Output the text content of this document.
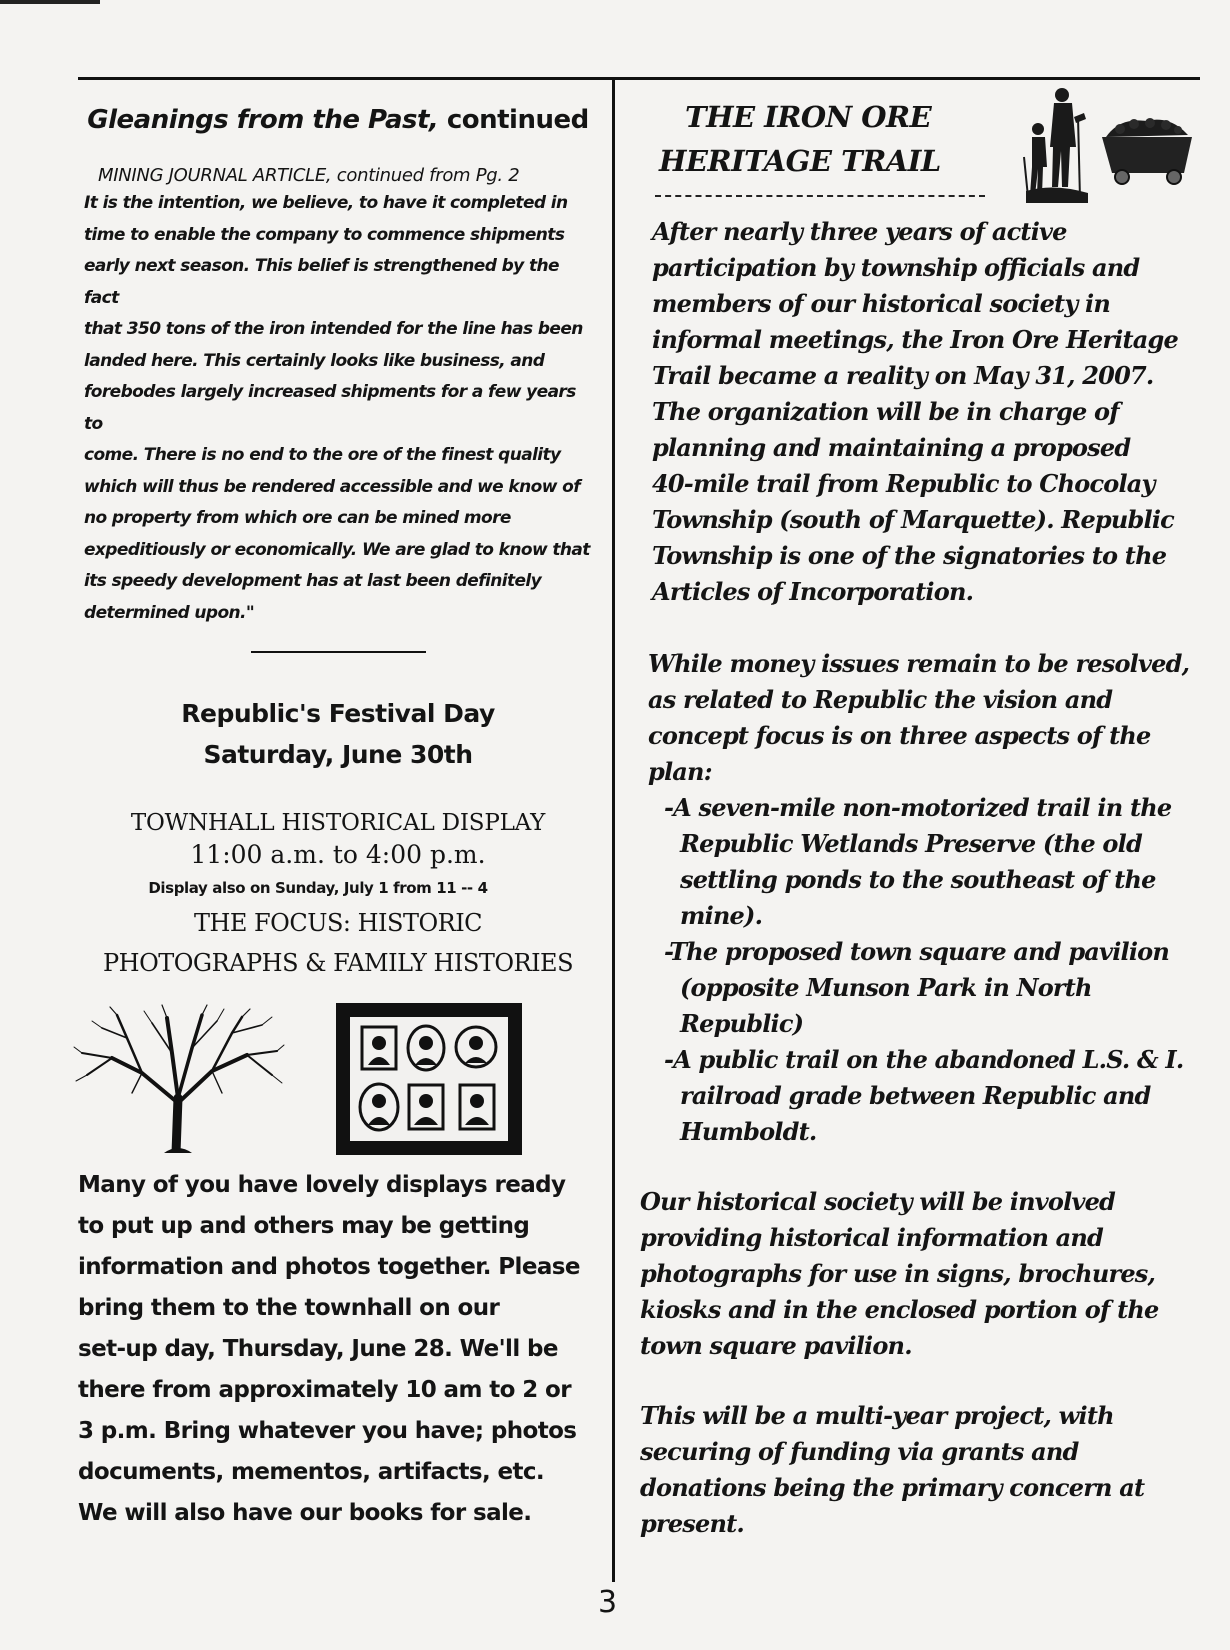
Gleanings from the Past, continued
MINING JOURNAL ARTICLE, continued from Pg. 2
It is the intention, we believe, to have it completed in
time to enable the company to commence shipments
early next season. This belief is strengthened by the fact
that 350 tons of the iron intended for the line has been
landed here. This certainly looks like business, and
forebodes largely increased shipments for a few years to
come. There is no end to the ore of the finest quality
which will thus be rendered accessible and we know of
no property from which ore can be mined more
expeditiously or economically. We are glad to know that
its speedy development has at last been definitely
determined upon."
Republic's Festival Day
Saturday, June 30th
TOWNHALL HISTORICAL DISPLAY
11:00 a.m. to 4:00 p.m.
Display also on Sunday, July 1 from 11 -- 4
THE FOCUS: HISTORIC
PHOTOGRAPHS & FAMILY HISTORIES
Many of you have lovely displays ready
to put up and others may be getting
information and photos together. Please
bring them to the townhall on our
set-up day, Thursday, June 28. We'll be
there from approximately 10 am to 2 or
3 p.m. Bring whatever you have; photos
documents, mementos, artifacts, etc.
We will also have our books for sale.
THE IRON ORE
HERITAGE TRAIL
After nearly three years of active
participation by township officials and
members of our historical society in
informal meetings, the Iron Ore Heritage
Trail became a reality on May 31, 2007.
The organization will be in charge of
planning and maintaining a proposed
40-mile trail from Republic to Chocolay
Township (south of Marquette). Republic
Township is one of the signatories to the
Articles of Incorporation.
While money issues remain to be resolved,
as related to Republic the vision and
concept focus is on three aspects of the
plan:
-A seven-mile non-motorized trail in the Republic Wetlands Preserve (the old settling ponds to the southeast of the mine).
-The proposed town square and pavilion (opposite Munson Park in North Republic)
-A public trail on the abandoned L.S. & I. railroad grade between Republic and Humboldt.
Our historical society will be involved
providing historical information and
photographs for use in signs, brochures,
kiosks and in the enclosed portion of the
town square pavilion.
This will be a multi-year project, with
securing of funding via grants and
donations being the primary concern at
present.
3
